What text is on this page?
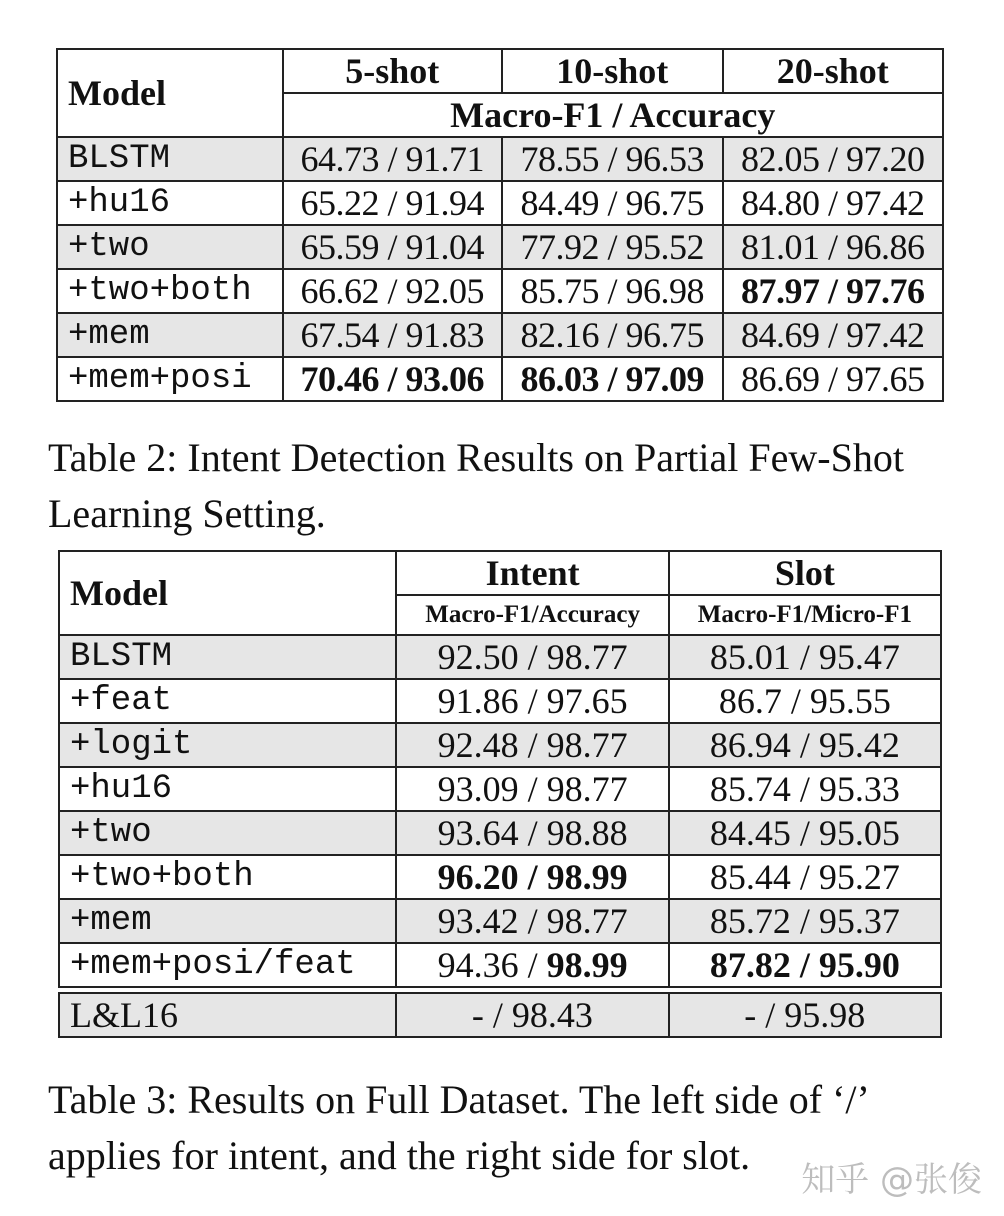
Model	5-shot	10-shot	20-shot
	Macro-F1 / Accuracy		
BLSTM	64.73 / 91.71	78.55 / 96.53	82.05 / 97.20
+hu16	65.22 / 91.94	84.49 / 96.75	84.80 / 97.42
+two	65.59 / 91.04	77.92 / 95.52	81.01 / 96.86
+two+both	66.62 / 92.05	85.75 / 96.98	87.97 / 97.76
+mem	67.54 / 91.83	82.16 / 96.75	84.69 / 97.42
+mem+posi	70.46 / 93.06	86.03 / 97.09	86.69 / 97.65

Table 2: Intent Detection Results on Partial Few-Shot Learning Setting.

Model	Intent	Slot
	Macro-F1/Accuracy	Macro-F1/Micro-F1
BLSTM	92.50 / 98.77	85.01 / 95.47
+feat	91.86 / 97.65	86.7 / 95.55
+logit	92.48 / 98.77	86.94 / 95.42
+hu16	93.09 / 98.77	85.74 / 95.33
+two	93.64 / 98.88	84.45 / 95.05
+two+both	96.20 / 98.99	85.44 / 95.27
+mem	93.42 / 98.77	85.72 / 95.37
+mem+posi/feat	94.36 / 98.99	87.82 / 95.90
L&L16	- / 98.43	- / 95.98

Table 3: Results on Full Dataset. The left side of ‘/’ applies for intent, and the right side for slot.

知乎 @张俊
